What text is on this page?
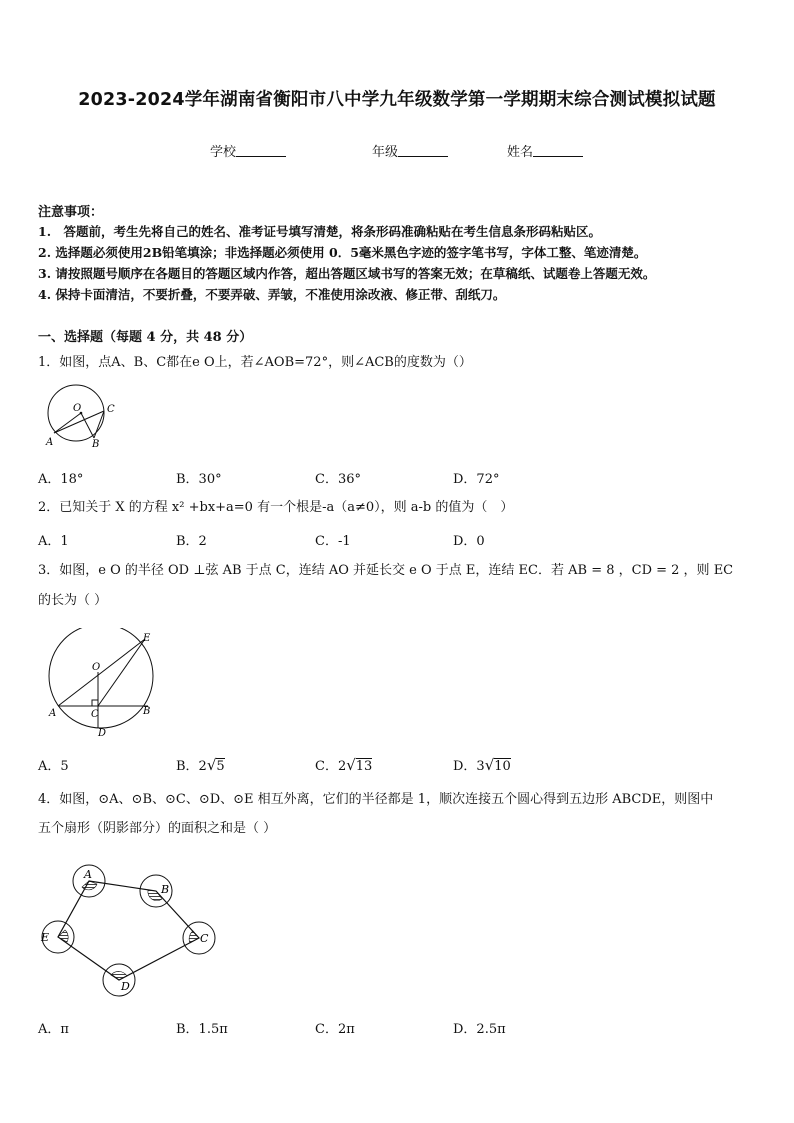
2023-2024学年湖南省衡阳市八中学九年级数学第一学期期末综合测试模拟试题
学校	年级	姓名
注意事项：
1.　答题前，考生先将自己的姓名、准考证号填写清楚，将条形码准确粘贴在考生信息条形码粘贴区。
2. 选择题必须使用2B铅笔填涂；非选择题必须使用 0．5毫米黑色字迹的签字笔书写，字体工整、笔迹清楚。
3. 请按照题号顺序在各题目的答题区域内作答，超出答题区域书写的答案无效；在草稿纸、试题卷上答题无效。
4. 保持卡面清洁，不要折叠，不要弄破、弄皱，不准使用涂改液、修正带、刮纸刀。
一、选择题（每题 4 分，共 48 分）
1．如图，点A、B、C都在e O上，若∠AOB=72°，则∠ACB的度数为（）
O
A	B
C
A．18°	B．30°	C．36°	D．72°
2．已知关于 X 的方程 x² +bx+a=0 有一个根是-a（a≠0），则 a-b 的值为（　）
A．1	B．2	C．-1	D．0
3．如图，e O 的半径 OD ⊥弦 AB 于点 C，连结 AO 并延长交 e O 于点 E，连结 EC．若 AB = 8 ，CD = 2 ，则 EC
的长为（ ）
O
E
A	C	B
D
A．5	B．2√5	C．2√13	D．3√10
4．如图，⊙A、⊙B、⊙C、⊙D、⊙E 相互外离，它们的半径都是 1，顺次连接五个圆心得到五边形 ABCDE，则图中
五个扇形（阴影部分）的面积之和是（ ）
A
B
C
D
E
A．π	B．1.5π	C．2π	D．2.5π
